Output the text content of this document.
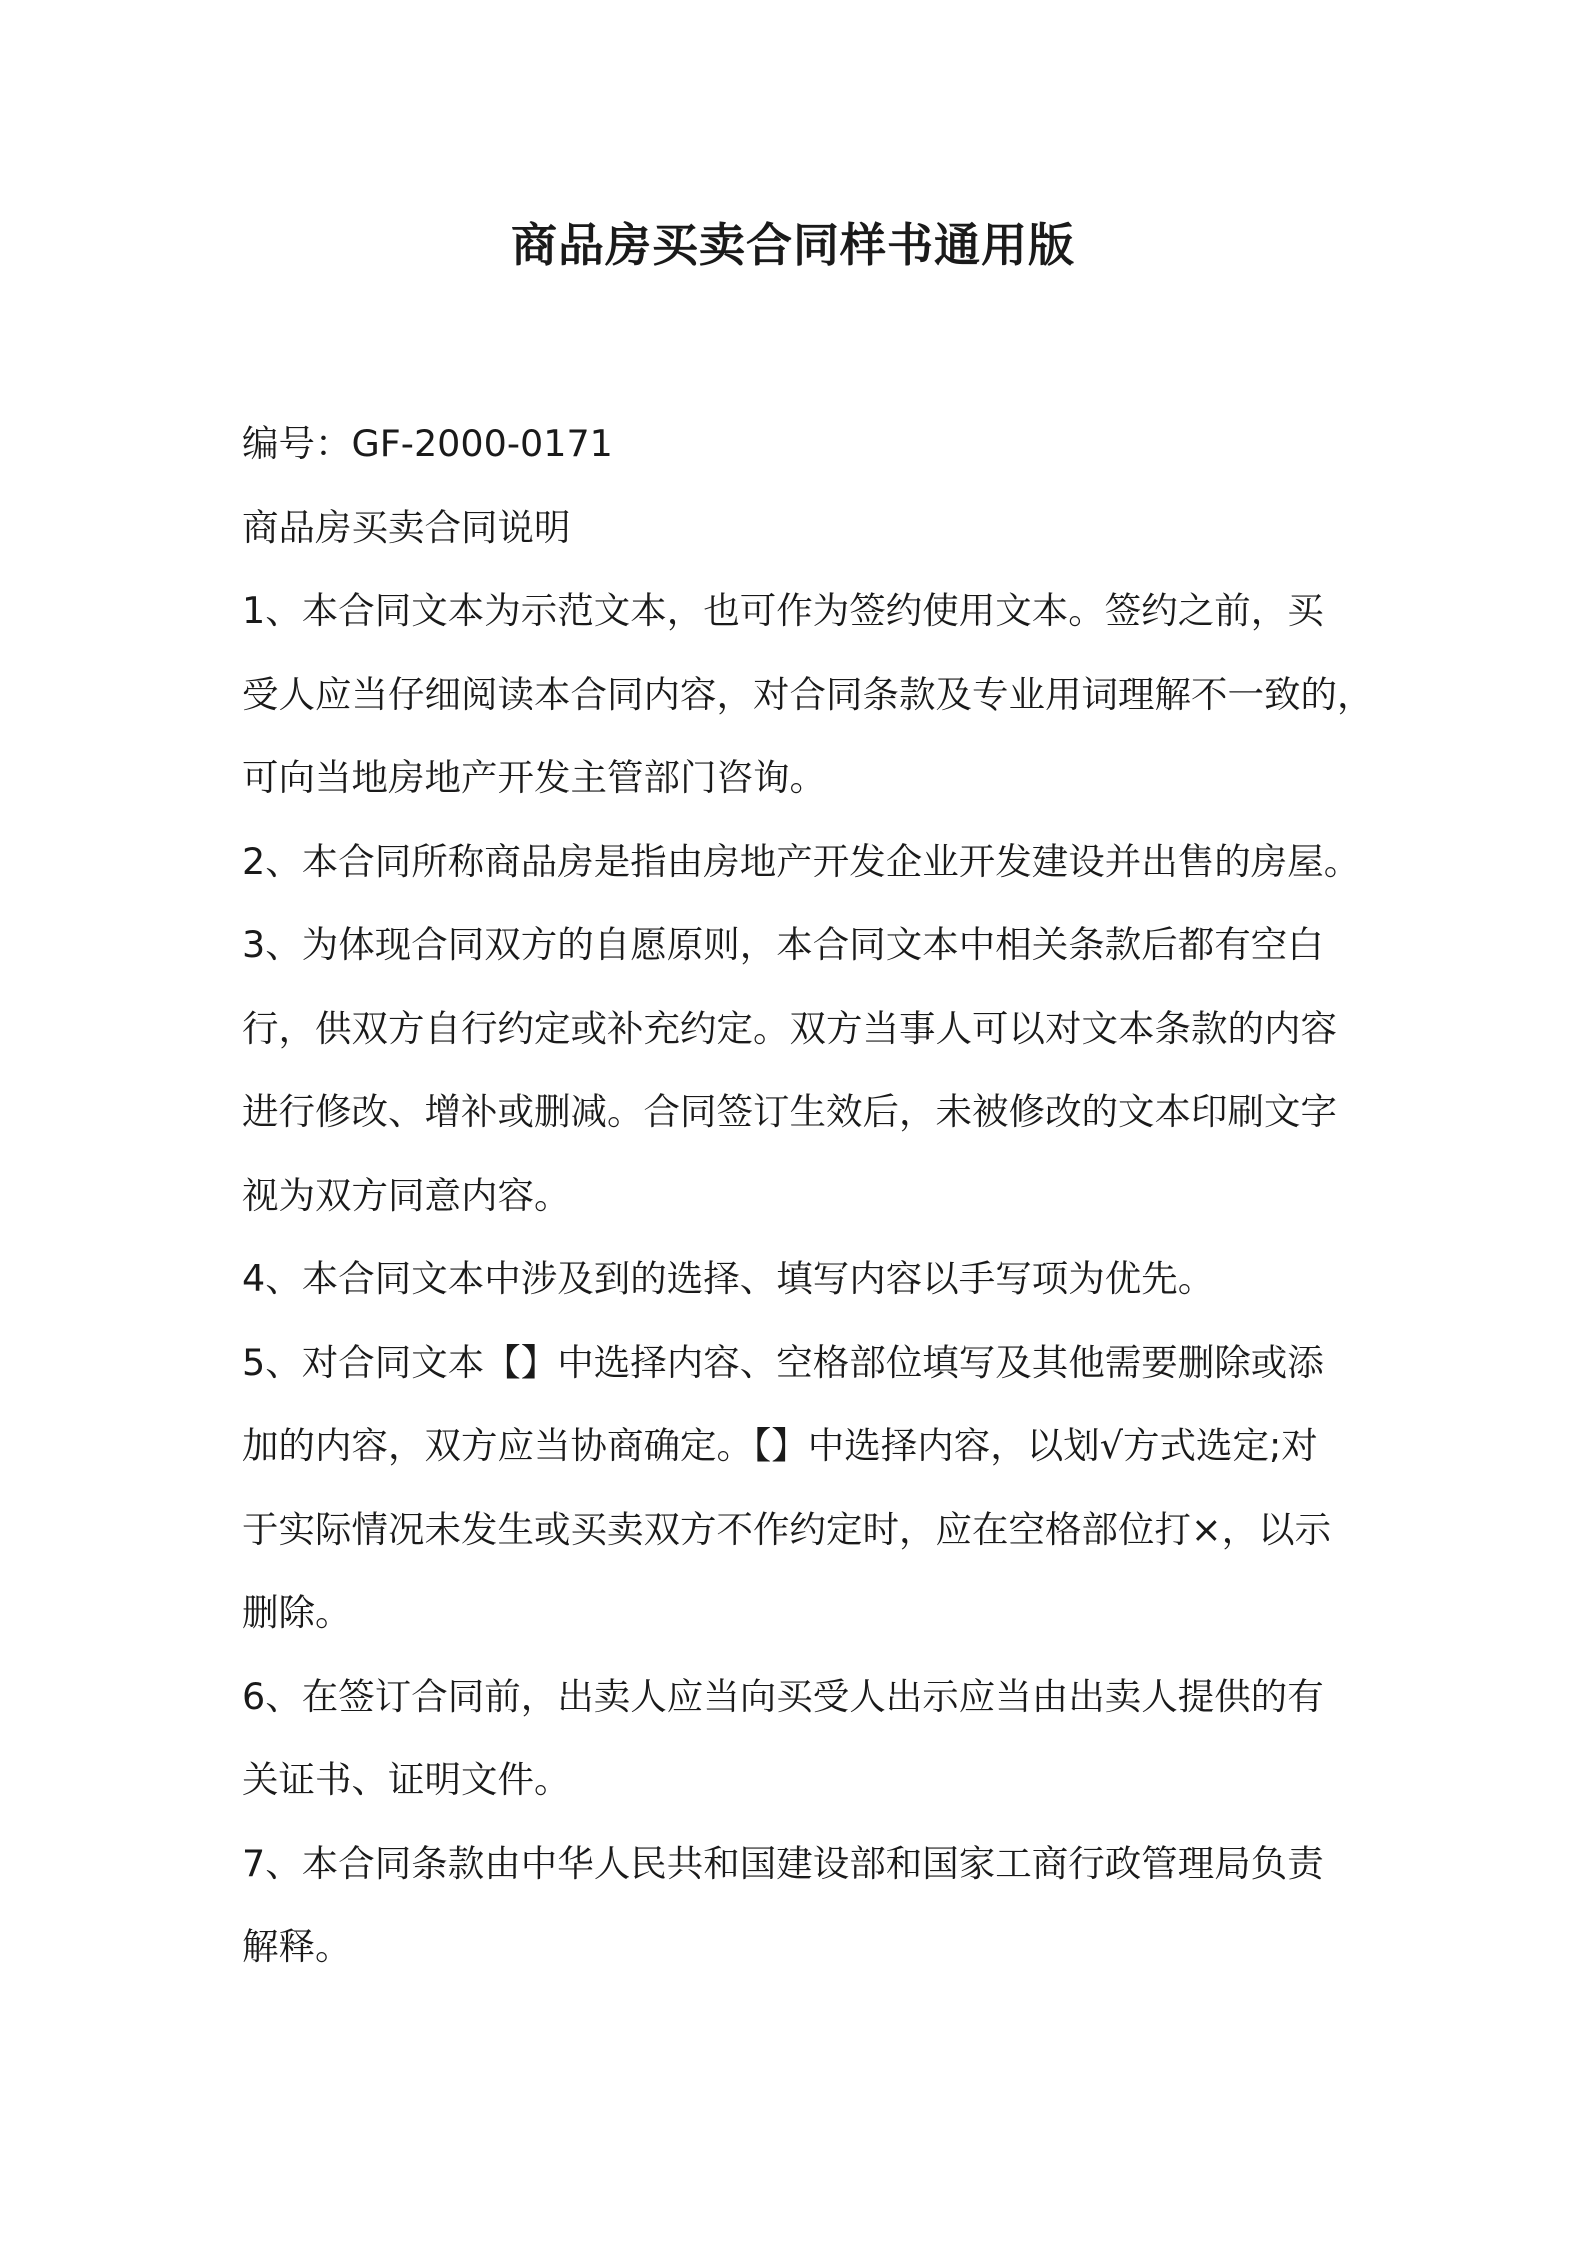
商品房买卖合同样书通用版

编号：GF-2000-0171

商品房买卖合同说明

1、本合同文本为示范文本，也可作为签约使用文本。签约之前，买

受人应当仔细阅读本合同内容，对合同条款及专业用词理解不一致的，

可向当地房地产开发主管部门咨询。

2、本合同所称商品房是指由房地产开发企业开发建设并出售的房屋。

3、为体现合同双方的自愿原则，本合同文本中相关条款后都有空白

行，供双方自行约定或补充约定。双方当事人可以对文本条款的内容

进行修改、增补或删减。合同签订生效后，未被修改的文本印刷文字

视为双方同意内容。

4、本合同文本中涉及到的选择、填写内容以手写项为优先。

5、对合同文本【】中选择内容、空格部位填写及其他需要删除或添

加的内容，双方应当协商确定。【】中选择内容，以划√方式选定;对

于实际情况未发生或买卖双方不作约定时，应在空格部位打×，以示

删除。

6、在签订合同前，出卖人应当向买受人出示应当由出卖人提供的有

关证书、证明文件。

7、本合同条款由中华人民共和国建设部和国家工商行政管理局负责

解释。
